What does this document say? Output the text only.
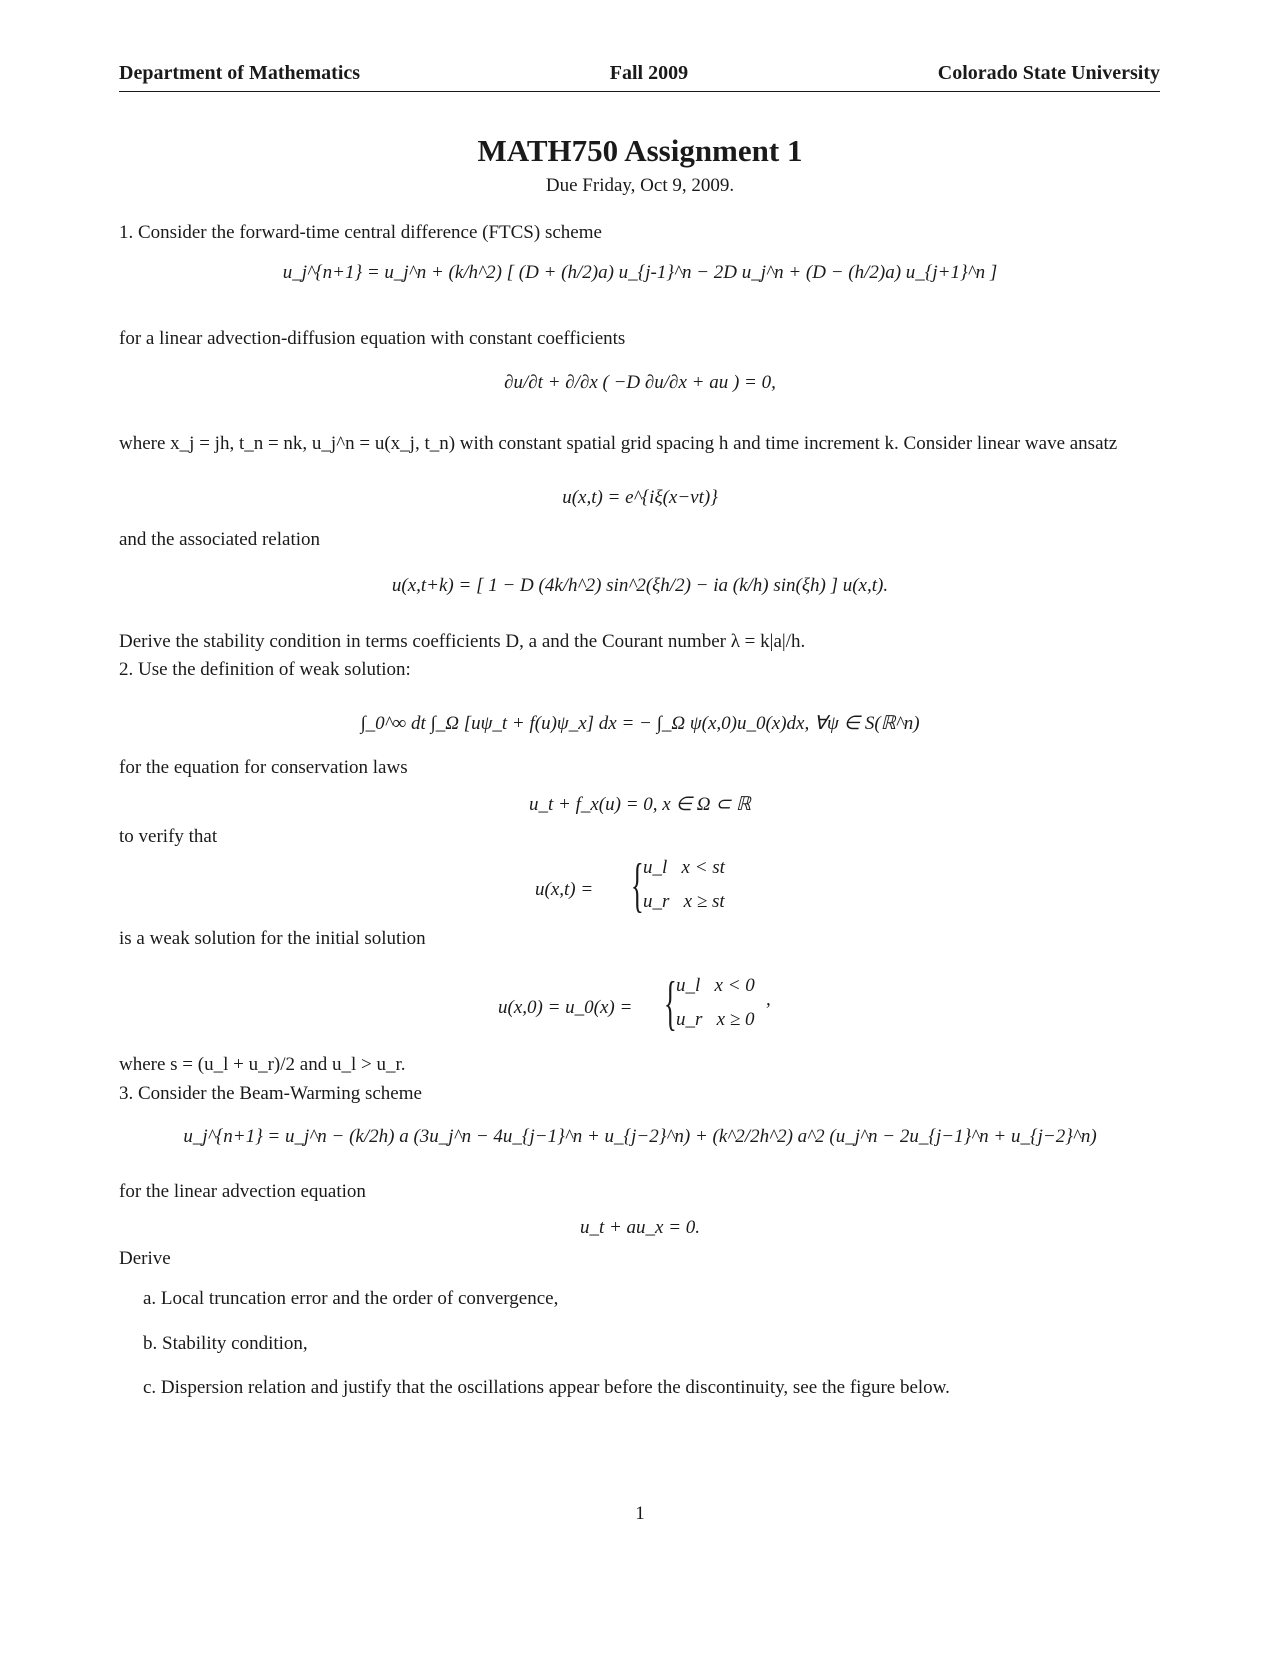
Department of Mathematics	Fall 2009	Colorado State University
MATH750 Assignment 1
Due Friday, Oct 9, 2009.
1. Consider the forward-time central difference (FTCS) scheme
u_j^{n+1} = u_j^n + (k/h^2) [ (D + (h/2)a) u_{j-1}^n − 2D u_j^n + (D − (h/2)a) u_{j+1}^n ]
for a linear advection-diffusion equation with constant coefficients
∂u/∂t + ∂/∂x ( −D ∂u/∂x + au ) = 0,
where x_j = jh, t_n = nk, u_j^n = u(x_j, t_n) with constant spatial grid spacing h and time increment k. Consider linear wave ansatz
u(x,t) = e^{iξ(x−vt)}
and the associated relation
u(x,t+k) = [ 1 − D (4k/h^2) sin^2(ξh/2) − ia (k/h) sin(ξh) ] u(x,t).
Derive the stability condition in terms coefficients D, a and the Courant number λ = k|a|/h.
2. Use the definition of weak solution:
∫_0^∞ dt ∫_Ω [uψ_t + f(u)ψ_x] dx = − ∫_Ω ψ(x,0)u_0(x)dx, ∀ψ ∈ S(ℝ^n)
for the equation for conservation laws
u_t + f_x(u) = 0, x ∈ Ω ⊂ ℝ
to verify that
u(x,t) = { u_l   x < st
u_r   x ≥ st
is a weak solution for the initial solution
u(x,0) = u_0(x) = { u_l   x < 0
u_r   x ≥ 0
,
where s = (u_l + u_r)/2 and u_l > u_r.
3. Consider the Beam-Warming scheme
u_j^{n+1} = u_j^n − (k/2h) a (3u_j^n − 4u_{j−1}^n + u_{j−2}^n) + (k^2/2h^2) a^2 (u_j^n − 2u_{j−1}^n + u_{j−2}^n)
for the linear advection equation
u_t + au_x = 0.
Derive
a. Local truncation error and the order of convergence,
b. Stability condition,
c. Dispersion relation and justify that the oscillations appear before the discontinuity, see the figure below.
1
